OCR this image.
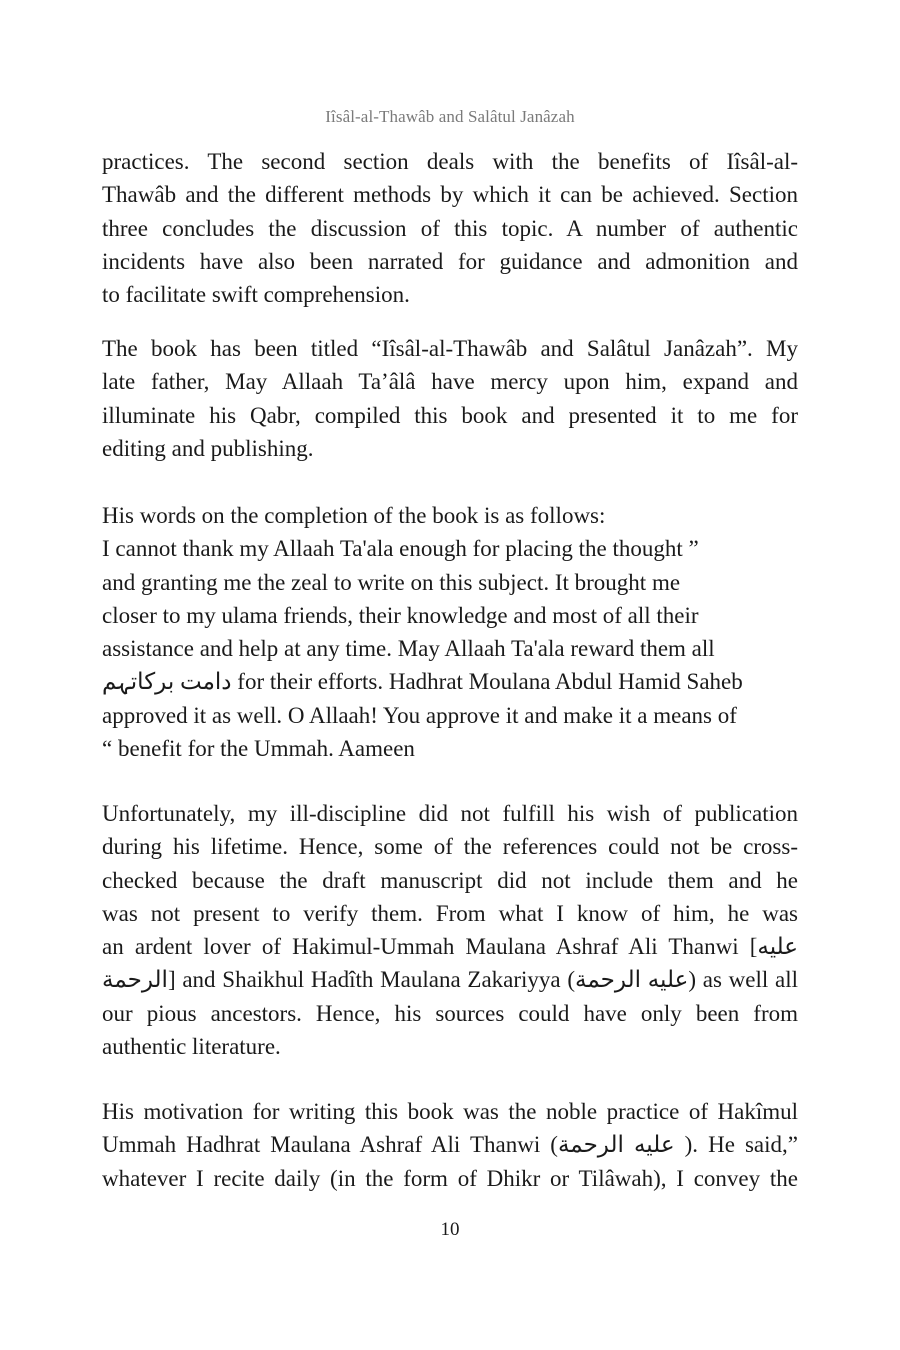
Iîsâl-al-Thawâb and Salâtul Janâzah
practices. The second section deals with the benefits of Iîsâl-al-
Thawâb and the different methods by which it can be achieved. Section
three concludes the discussion of this topic. A number of authentic
incidents have also been narrated for guidance and admonition and
to facilitate swift comprehension.
The book has been titled “Iîsâl-al-Thawâb and Salâtul Janâzah”. My
late father, May Allaah Ta’âlâ have mercy upon him, expand and
illuminate his Qabr, compiled this book and presented it to me for
editing and publishing.
His words on the completion of the book is as follows:
I cannot thank my Allaah Ta'ala enough for placing the thought ”
and granting me the zeal to write on this subject. It brought me
closer to my ulama friends, their knowledge and most of all their
assistance and help at any time. May Allaah Ta'ala reward them all
دامت برکاتہم for their efforts. Hadhrat Moulana Abdul Hamid Saheb
approved it as well. O Allaah! You approve it and make it a means of
“ benefit for the Ummah. Aameen
Unfortunately, my ill-discipline did not fulfill his wish of publication
during his lifetime. Hence, some of the references could not be cross-
checked because the draft manuscript did not include them and he
was not present to verify them. From what I know of him, he was
an ardent lover of Hakimul-Ummah Maulana Ashraf Ali Thanwi [عليه
الرحمة] and Shaikhul Hadîth Maulana Zakariyya (عليه الرحمة) as well all
our pious ancestors. Hence, his sources could have only been from
authentic literature.
His motivation for writing this book was the noble practice of Hakîmul
Ummah Hadhrat Maulana Ashraf Ali Thanwi (عليه الرحمة ). He said,”
whatever I recite daily (in the form of Dhikr or Tilâwah), I convey the
10
